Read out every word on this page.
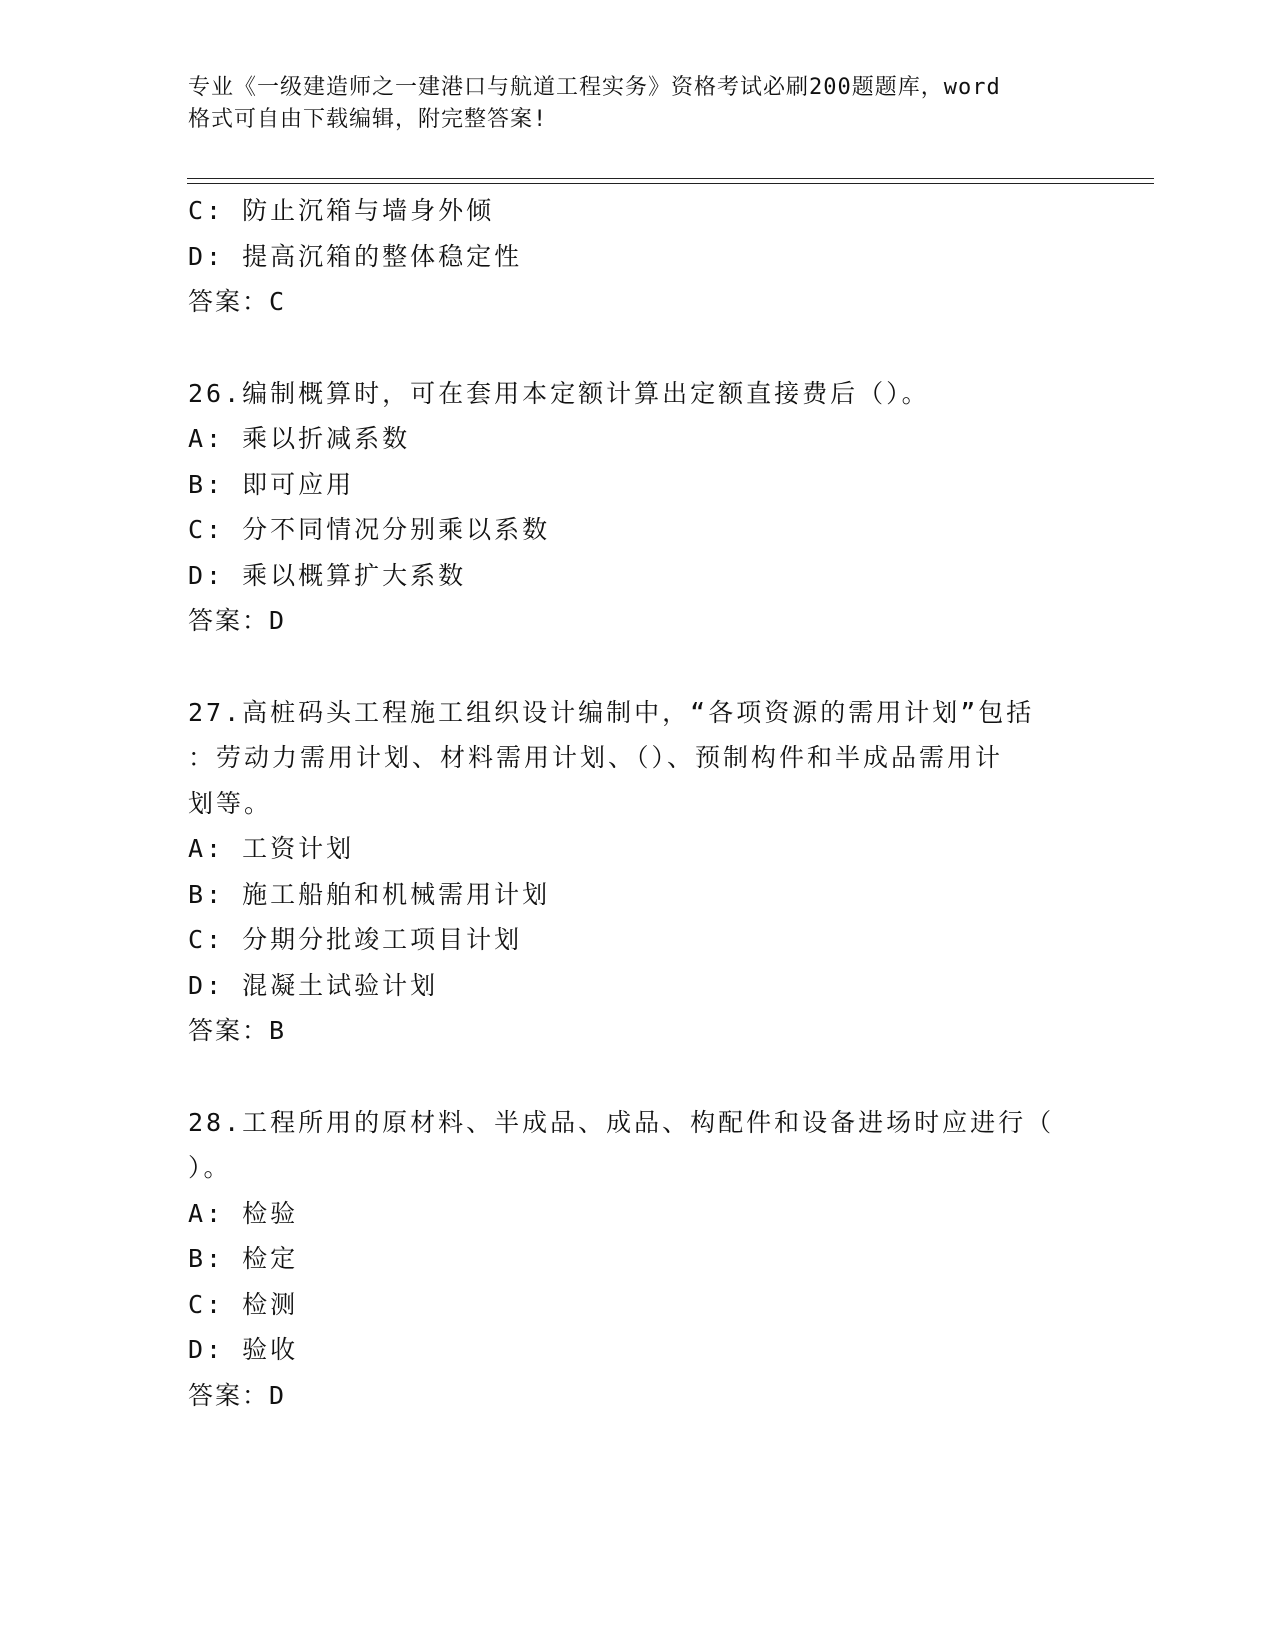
专业《一级建造师之一建港口与航道工程实务》资格考试必刷200题题库，word
格式可自由下载编辑，附完整答案!
C: 防止沉箱与墙身外倾
D: 提高沉箱的整体稳定性
答案：C
26.编制概算时，可在套用本定额计算出定额直接费后（）。
A: 乘以折减系数
B: 即可应用
C: 分不同情况分别乘以系数
D: 乘以概算扩大系数
答案：D
27.高桩码头工程施工组织设计编制中，“各项资源的需用计划”包括
：劳动力需用计划、材料需用计划、（）、预制构件和半成品需用计
划等。
A: 工资计划
B: 施工船舶和机械需用计划
C: 分期分批竣工项目计划
D: 混凝土试验计划
答案：B
28.工程所用的原材料、半成品、成品、构配件和设备进场时应进行（
）。
A: 检验
B: 检定
C: 检测
D: 验收
答案：D
